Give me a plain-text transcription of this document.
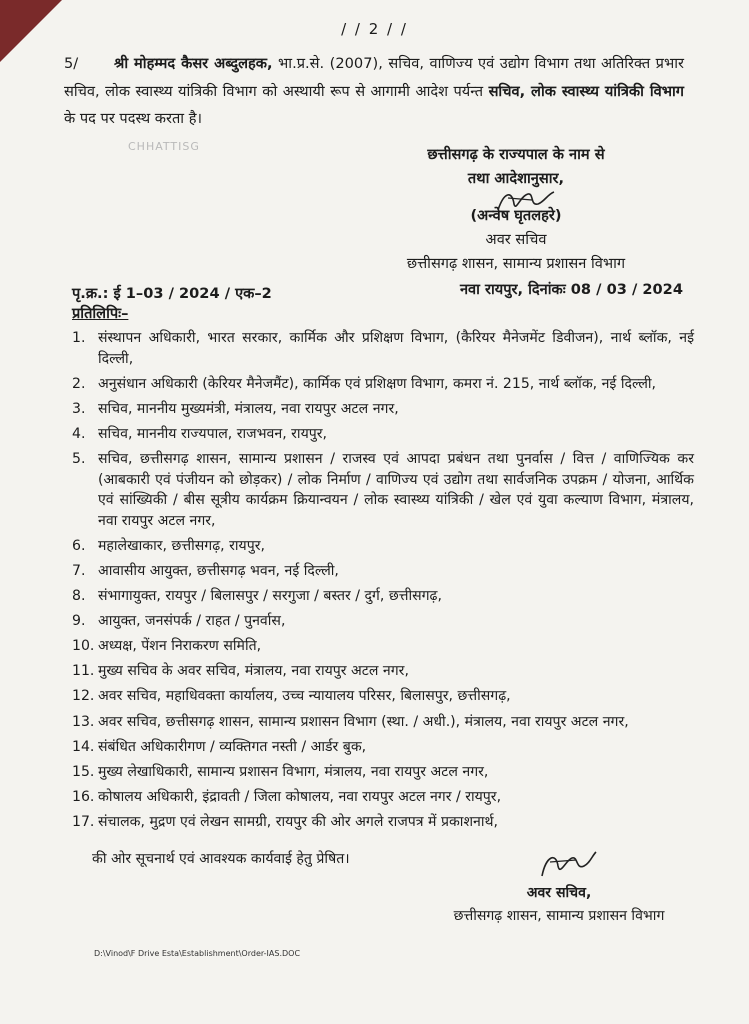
/ / 2 / /
5/ श्री मोहम्मद कैसर अब्दुलहक, भा.प्र.से. (2007), सचिव, वाणिज्य एवं उद्योग विभाग तथा अतिरिक्त प्रभार सचिव, लोक स्वास्थ्य यांत्रिकी विभाग को अस्थायी रूप से आगामी आदेश पर्यन्त सचिव, लोक स्वास्थ्य यांत्रिकी विभाग के पद पर पदस्थ करता है।
CHHATTISG	छत्तीसगढ़ के राज्यपाल के नाम से
तथा आदेशानुसार,
(अन्वेष घृतलहरे)
अवर सचिव
छत्तीसगढ़ शासन, सामान्य प्रशासन विभाग
पृ.क्र.: ई 1–03 / 2024 / एक–2	नवा रायपुर, दिनांकः 08 / 03 / 2024
प्रतिलिपिः–
1. संस्थापन अधिकारी, भारत सरकार, कार्मिक और प्रशिक्षण विभाग, (कैरियर मैनेजमेंट डिवीजन), नार्थ ब्लॉक, नई दिल्ली,
2. अनुसंधान अधिकारी (केरियर मैनेजमैंट), कार्मिक एवं प्रशिक्षण विभाग, कमरा नं. 215, नार्थ ब्लॉक, नई दिल्ली,
3. सचिव, माननीय मुख्यमंत्री, मंत्रालय, नवा रायपुर अटल नगर,
4. सचिव, माननीय राज्यपाल, राजभवन, रायपुर,
5. सचिव, छत्तीसगढ़ शासन, सामान्य प्रशासन / राजस्व एवं आपदा प्रबंधन तथा पुनर्वास / वित्त / वाणिज्यिक कर (आबकारी एवं पंजीयन को छोड़कर) / लोक निर्माण / वाणिज्य एवं उद्योग तथा सार्वजनिक उपक्रम / योजना, आर्थिक एवं सांख्यिकी / बीस सूत्रीय कार्यक्रम क्रियान्वयन / लोक स्वास्थ्य यांत्रिकी / खेल एवं युवा कल्याण विभाग, मंत्रालय, नवा रायपुर अटल नगर,
6. महालेखाकार, छत्तीसगढ़, रायपुर,
7. आवासीय आयुक्त, छत्तीसगढ़ भवन, नई दिल्ली,
8. संभागायुक्त, रायपुर / बिलासपुर / सरगुजा / बस्तर / दुर्ग, छत्तीसगढ़,
9. आयुक्त, जनसंपर्क / राहत / पुनर्वास,
10. अध्यक्ष, पेंशन निराकरण समिति,
11. मुख्य सचिव के अवर सचिव, मंत्रालय, नवा रायपुर अटल नगर,
12. अवर सचिव, महाधिवक्ता कार्यालय, उच्च न्यायालय परिसर, बिलासपुर, छत्तीसगढ़,
13. अवर सचिव, छत्तीसगढ़ शासन, सामान्य प्रशासन विभाग (स्था. / अधी.), मंत्रालय, नवा रायपुर अटल नगर,
14. संबंधित अधिकारीगण / व्यक्तिगत नस्ती / आर्डर बुक,
15. मुख्य लेखाधिकारी, सामान्य प्रशासन विभाग, मंत्रालय, नवा रायपुर अटल नगर,
16. कोषालय अधिकारी, इंद्रावती / जिला कोषालय, नवा रायपुर अटल नगर / रायपुर,
17. संचालक, मुद्रण एवं लेखन सामग्री, रायपुर की ओर अगले राजपत्र में प्रकाशनार्थ,
की ओर सूचनार्थ एवं आवश्यक कार्यवाई हेतु प्रेषित।
अवर सचिव,
छत्तीसगढ़ शासन, सामान्य प्रशासन विभाग
D:\Vinod\F Drive Esta\Establishment\Order-IAS.DOC
